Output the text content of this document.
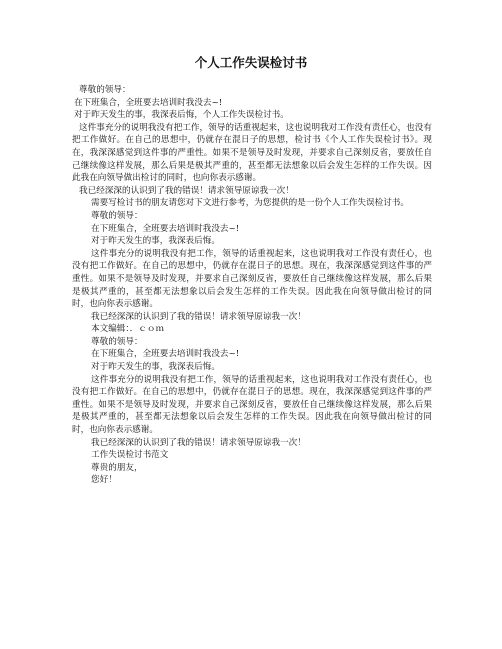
个人工作失误检讨书

尊敬的领导：

在下班集合，全班要去培训时我没去~!

对于昨天发生的事，我深表后悔，个人工作失误检讨书。

这件事充分的说明我没有把工作，领导的话重视起来，这也说明我对工作没有责任心，也没有把工作做好。在自己的思想中，仍就存在混日子的思想，检讨书《个人工作失误检讨书》。现在，我深深感觉到这件事的严重性。如果不是领导及时发现，并要求自己深刻反省，要放任自己继续像这样发展，那么后果是极其严重的，甚至都无法想象以后会发生怎样的工作失误。因此我在向领导做出检讨的同时，也向你表示感谢。

我已经深深的认识到了我的错误！请求领导原谅我一次！

需要写检讨书的朋友请您对下文进行参考，为您提供的是一份个人工作失误检讨书。

尊敬的领导：

在下班集合，全班要去培训时我没去~!

对于昨天发生的事，我深表后悔。

这件事充分的说明我没有把工作，领导的话重视起来，这也说明我对工作没有责任心，也没有把工作做好。在自己的思想中，仍就存在混日子的思想。现在，我深深感觉到这件事的严重性。如果不是领导及时发现，并要求自己深刻反省，要放任自己继续像这样发展，那么后果是极其严重的，甚至都无法想象以后会发生怎样的工作失误。因此我在向领导做出检讨的同时，也向你表示感谢。

我已经深深的认识到了我的错误！请求领导原谅我一次！

本文编辑：．ｃｏｍ

尊敬的领导：

在下班集合，全班要去培训时我没去~!

对于昨天发生的事，我深表后悔。

这件事充分的说明我没有把工作，领导的话重视起来，这也说明我对工作没有责任心，也没有把工作做好。在自己的思想中，仍就存在混日子的思想。现在，我深深感觉到这件事的严重性。如果不是领导及时发现，并要求自己深刻反省，要放任自己继续像这样发展，那么后果是极其严重的，甚至都无法想象以后会发生怎样的工作失误。因此我在向领导做出检讨的同时，也向你表示感谢。

我已经深深的认识到了我的错误！请求领导原谅我一次！

工作失误检讨书范文

尊贵的朋友，

您好！
